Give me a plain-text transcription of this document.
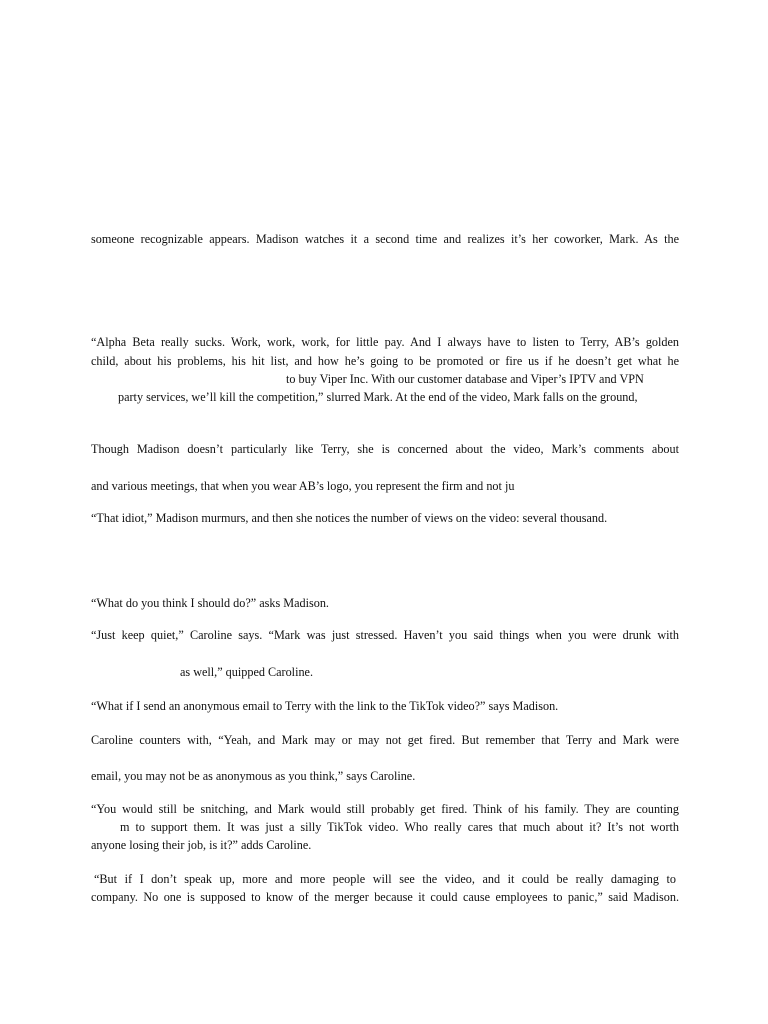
someone recognizable appears. Madison watches it a second time and realizes it’s her coworker, Mark. As the
“Alpha Beta really sucks. Work, work, work, for little pay. And I always have to listen to Terry, AB’s golden
child, about his problems, his hit list, and how he’s going to be promoted or fire us if he doesn’t get what he
to buy Viper Inc. With our customer database and Viper’s IPTV and VPN
party services, we’ll kill the competition,” slurred Mark. At the end of the video, Mark falls on the ground,
Though Madison doesn’t particularly like Terry, she is concerned about the video, Mark’s comments about
and various meetings, that when you wear AB’s logo, you represent the firm and not ju
“That idiot,” Madison murmurs, and then she notices the number of views on the video: several thousand.
“What do you think I should do?” asks Madison.
“Just keep quiet,” Caroline says. “Mark was just stressed. Haven’t you said things when you were drunk with
as well,” quipped Caroline.
“What if I send an anonymous email to Terry with the link to the TikTok video?” says Madison.
Caroline counters with, “Yeah, and Mark may or may not get fired. But remember that Terry and Mark were
email, you may not be as anonymous as you think,” says Caroline.
“You would still be snitching, and Mark would still probably get fired. Think of his family. They are counting
m to support them. It was just a silly TikTok video. Who really cares that much about it? It’s not worth
anyone losing their job, is it?” adds Caroline.
“But if I don’t speak up, more and more people will see the video, and it could be really damaging to
company. No one is supposed to know of the merger because it could cause employees to panic,” said Madison.
